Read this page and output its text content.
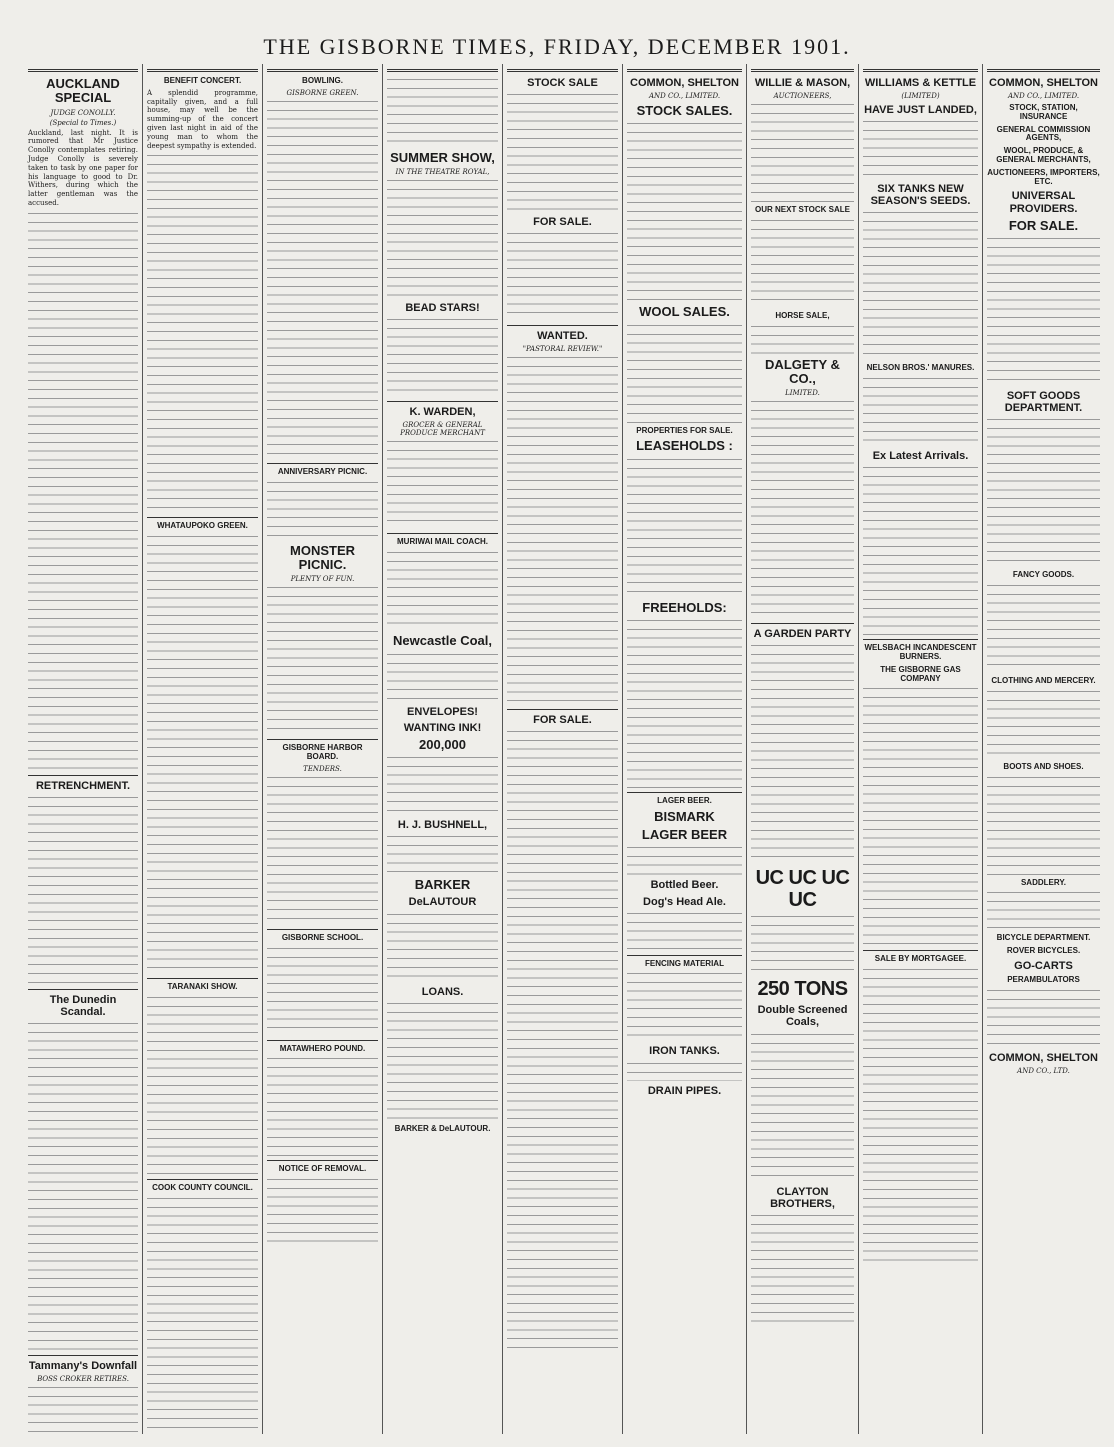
THE GISBORNE TIMES, FRIDAY, DECEMBER 1901.
AUCKLAND SPECIAL
JUDGE CONOLLY.
(Special to Times.)

Auckland, last night. It is rumored that Mr Justice Conolly contemplates retiring. Judge Conolly is severely taken to task by one paper for his language to good to Dr. Withers, during which the latter gentleman was the accused.

RETRENCHMENT.
The Dunedin Scandal.
Tammany's Downfall
BOSS CROKER RETIRES.
BENEFIT CONCERT.

A splendid programme, capitally given, and a full house, may well be the summing-up of the concert given last night in aid of the young man to whom the deepest sympathy is extended.

WHATAUPOKO GREEN.
TARANAKI SHOW.
COOK COUNTY COUNCIL.
BOWLING.
GISBORNE GREEN.
ANNIVERSARY PICNIC.
MONSTER PICNIC.
PLENTY OF FUN.
GISBORNE HARBOR BOARD.
TENDERS.
GISBORNE SCHOOL.
MATAWHERO POUND.
NOTICE OF REMOVAL.
SUMMER SHOW,
IN THE THEATRE ROYAL,
BEAD STARS!
K. WARDEN,
GROCER & GENERAL PRODUCE MERCHANT
MURIWAI MAIL COACH.
Newcastle Coal,
ENVELOPES!
WANTING INK!
200,000
H. J. BUSHNELL,
BARKER
DeLAUTOUR
LOANS.
BARKER & DeLAUTOUR.
STOCK SALE
FOR SALE.
WANTED.
"PASTORAL REVIEW."
FOR SALE.
COMMON, SHELTON
AND CO., LIMITED.
STOCK SALES.
WOOL SALES.
PROPERTIES FOR SALE.
LEASEHOLDS :
FREEHOLDS:
LAGER BEER.
BISMARK
LAGER BEER
Bottled Beer.
Dog's Head Ale.
FENCING MATERIAL
IRON TANKS.
DRAIN PIPES.
WILLIE & MASON,
AUCTIONEERS,
OUR NEXT STOCK SALE
HORSE SALE,
DALGETY & CO.,
LIMITED.
A GARDEN PARTY
UC UC UC UC
250 TONS
Double Screened Coals,
CLAYTON BROTHERS,
WILLIAMS & KETTLE
(LIMITED)
HAVE JUST LANDED,
SIX TANKS NEW SEASON'S SEEDS.
NELSON BROS.' MANURES.
Ex Latest Arrivals.
WELSBACH INCANDESCENT BURNERS.
THE GISBORNE GAS COMPANY
SALE BY MORTGAGEE.
COMMON, SHELTON
AND CO., LIMITED.
STOCK, STATION, INSURANCE
GENERAL COMMISSION AGENTS,
WOOL, PRODUCE, & GENERAL MERCHANTS,
AUCTIONEERS, IMPORTERS, ETC.
UNIVERSAL PROVIDERS.
FOR SALE.
SOFT GOODS DEPARTMENT.
FANCY GOODS.
CLOTHING AND MERCERY.
BOOTS AND SHOES.
SADDLERY.
BICYCLE DEPARTMENT.
ROVER BICYCLES.
GO-CARTS
PERAMBULATORS
COMMON, SHELTON
AND CO., LTD.
